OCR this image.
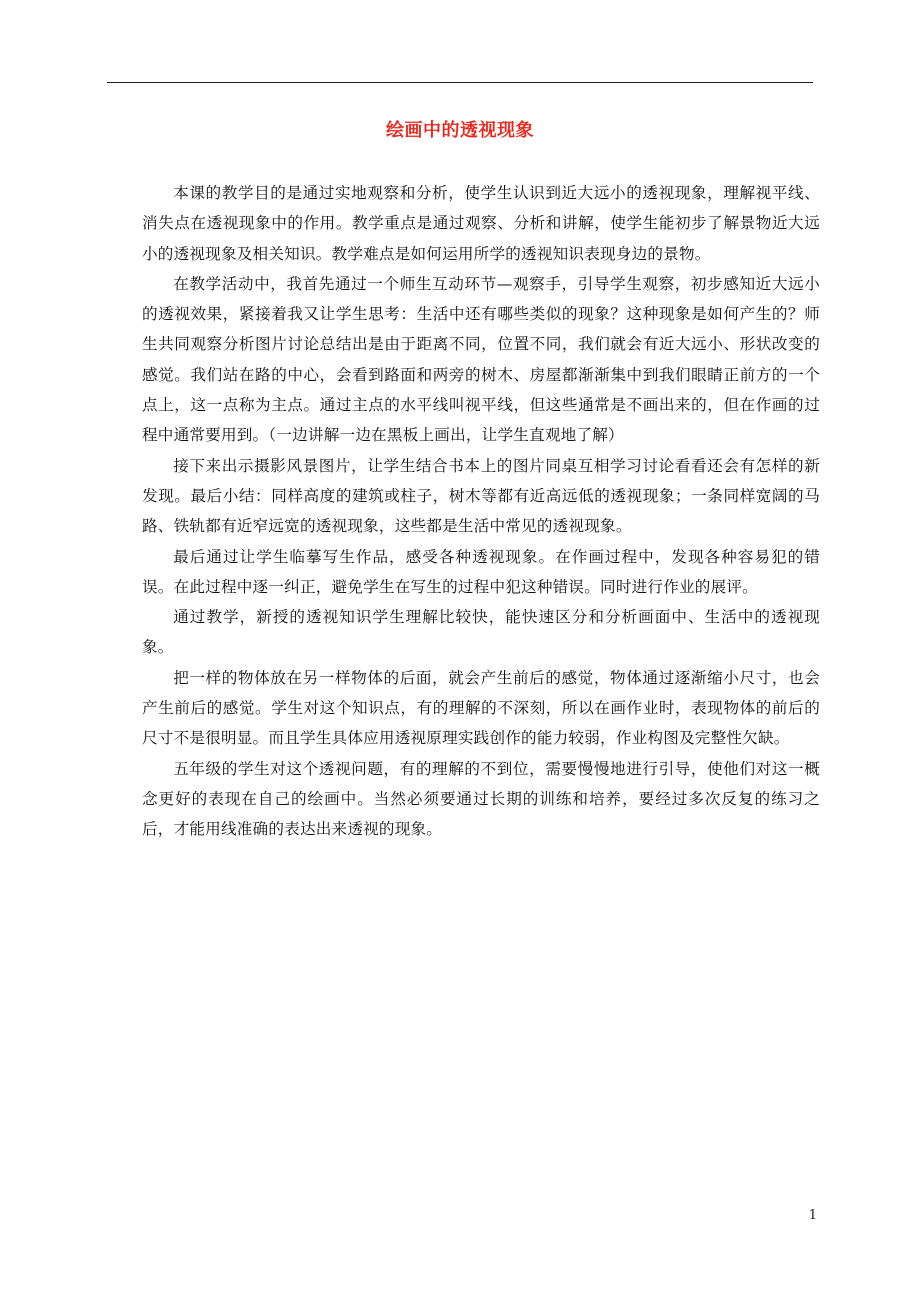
绘画中的透视现象

本课的教学目的是通过实地观察和分析，使学生认识到近大远小的透视现象，理解视平线、消失点在透视现象中的作用。教学重点是通过观察、分析和讲解，使学生能初步了解景物近大远小的透视现象及相关知识。教学难点是如何运用所学的透视知识表现身边的景物。

在教学活动中，我首先通过一个师生互动环节—观察手，引导学生观察，初步感知近大远小的透视效果，紧接着我又让学生思考：生活中还有哪些类似的现象？这种现象是如何产生的？师生共同观察分析图片讨论总结出是由于距离不同，位置不同，我们就会有近大远小、形状改变的感觉。我们站在路的中心，会看到路面和两旁的树木、房屋都渐渐集中到我们眼睛正前方的一个点上，这一点称为主点。通过主点的水平线叫视平线，但这些通常是不画出来的，但在作画的过程中通常要用到。（一边讲解一边在黑板上画出，让学生直观地了解）

接下来出示摄影风景图片，让学生结合书本上的图片同桌互相学习讨论看看还会有怎样的新发现。最后小结：同样高度的建筑或柱子，树木等都有近高远低的透视现象；一条同样宽阔的马路、铁轨都有近窄远宽的透视现象，这些都是生活中常见的透视现象。

最后通过让学生临摹写生作品，感受各种透视现象。在作画过程中，发现各种容易犯的错误。在此过程中逐一纠正，避免学生在写生的过程中犯这种错误。同时进行作业的展评。

通过教学，新授的透视知识学生理解比较快，能快速区分和分析画面中、生活中的透视现象。

把一样的物体放在另一样物体的后面，就会产生前后的感觉，物体通过逐渐缩小尺寸，也会产生前后的感觉。学生对这个知识点，有的理解的不深刻，所以在画作业时，表现物体的前后的尺寸不是很明显。而且学生具体应用透视原理实践创作的能力较弱，作业构图及完整性欠缺。

五年级的学生对这个透视问题，有的理解的不到位，需要慢慢地进行引导，使他们对这一概念更好的表现在自己的绘画中。当然必须要通过长期的训练和培养，要经过多次反复的练习之后，才能用线准确的表达出来透视的现象。

1
